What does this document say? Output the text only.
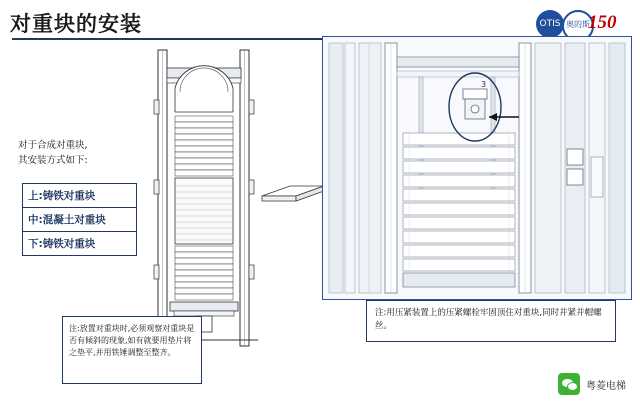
对重块的安装	OTIS 奥的斯
150
对于合成对重块,
其安装方式如下:
上:铸铁对重块
中:混凝土对重块
下:铸铁对重块
注:放置对重块时,必须观察对重块是否有倾斜的现象,如有就要用垫片将之垫平,并用铁锤调整至整齐。
3
注:用压紧装置上的压紧螺栓牢固顶住对重块,同时并紧并帽螺丝。
粤菱电梯
